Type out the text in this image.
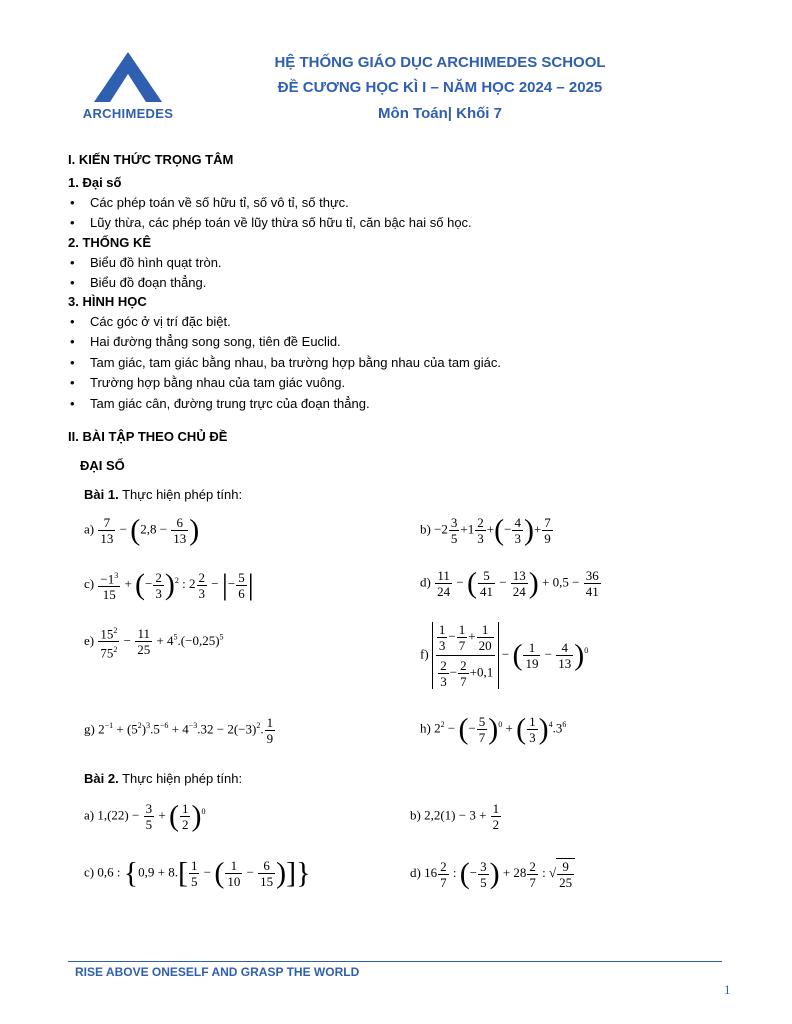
ARCHIMEDES
HỆ THỐNG GIÁO DỤC ARCHIMEDES SCHOOL
ĐỀ CƯƠNG HỌC KÌ I – NĂM HỌC 2024 – 2025
Môn Toán| Khối 7
I. KIẾN THỨC TRỌNG TÂM
1. Đại số
• Các phép toán về số hữu tỉ, số vô tỉ, số thực.
• Lũy thừa, các phép toán về lũy thừa số hữu tỉ, căn bậc hai số học.
2. THỐNG KÊ
• Biểu đồ hình quạt tròn.
• Biểu đồ đoạn thẳng.
3. HÌNH HỌC
• Các góc ở vị trí đặc biệt.
• Hai đường thẳng song song, tiên đề Euclid.
• Tam giác, tam giác bằng nhau, ba trường hợp bằng nhau của tam giác.
• Trường hợp bằng nhau của tam giác vuông.
• Tam giác cân, đường trung trực của đoạn thẳng.
II. BÀI TẬP THEO CHỦ ĐỀ
ĐẠI SỐ
Bài 1. Thực hiện phép tính:
$a) \frac{7}{13} - (2,8 - \frac{6}{13}$ )	$b) -2 \frac{3}{5} +1 \frac{2}{3}$ +(− $\frac{4}{3}$ )+ $\frac{7}{9}$
$c) \frac{-1^3}{15}$ + (− $\frac{2}{3} )^2$ : $2 \frac{2}{3}$ − |− $\frac{5}{6}$ |	$d) \frac{11}{24}$ − ( $\frac{5}{41} - \frac{13}{24}$ ) + $0,5 - \frac{36}{41}$
$e) \frac{15^2}{75^2} - \frac{11}{25} + 4^5.(-0,25)^5$
$f) \frac{\frac{1}{3} - \frac{1}{7} + \frac{1}{20}}{\frac{2}{3} - \frac{2}{7} +0,1}$ − ( $\frac{1}{19} - \frac{4}{13} )^0$
g) $2^{-1} + (5^2)^3.5^{-6} + 4^{-3}.32 - 2(-3)^2$. $\frac{1}{9}$	h) $2^2$ − (− $\frac{5}{7} )^0$ + ( $\frac{1}{3} )^4.3^6$
Bài 2. Thực hiện phép tính:
a) $1,(22) - \frac{3}{5}$ + ( $\frac{1}{2} )^0$	b) $2,2(1) - 3 + \frac{1}{2}$
c) 0,6 : {$0,9 + 8.[ \frac{1}{5}$ − ( $\frac{1}{10} - \frac{6}{15}$ )]}	d) $16 \frac{2}{7}$ : (− $\frac{3}{5}$ ) + $28 \frac{2}{7}$ : √ $\frac{9}{25}$
RISE ABOVE ONESELF AND GRASP THE WORLD
1
